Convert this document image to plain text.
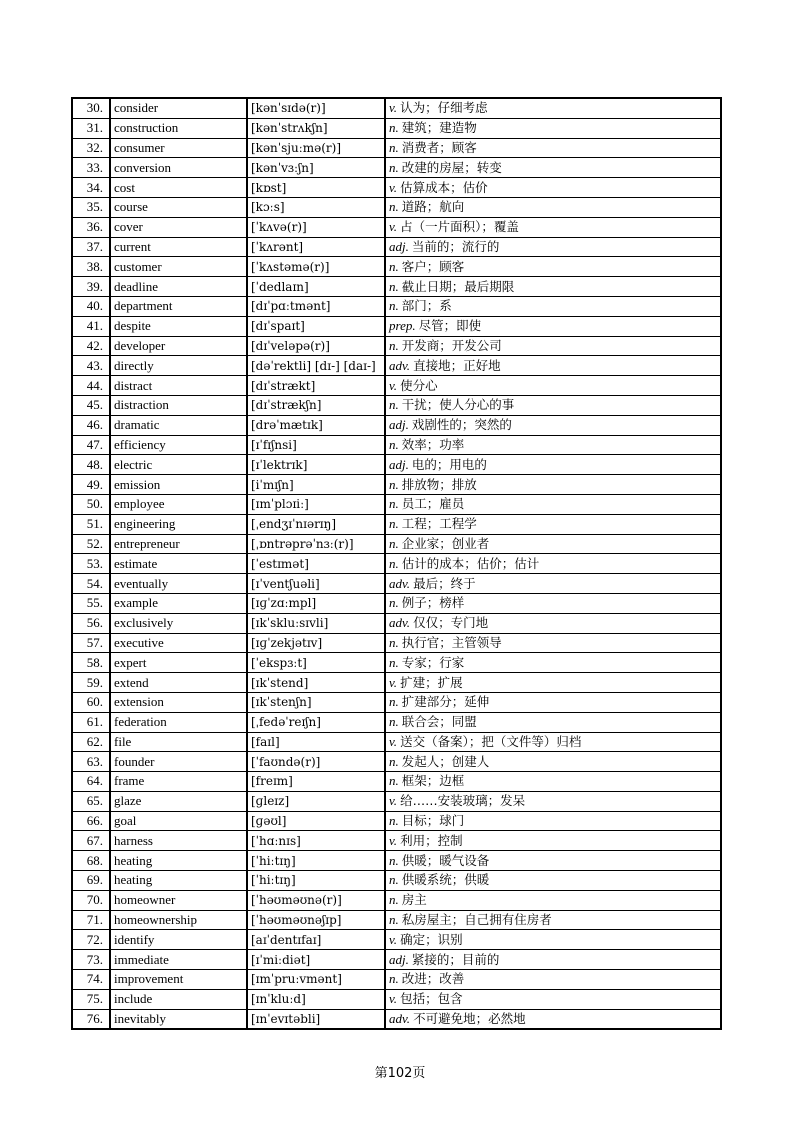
30.	consider	[kənˈsɪdə(r)]	v. 认为；仔细考虑
31.	construction	[kənˈstrʌkʃn]	n. 建筑；建造物
32.	consumer	[kənˈsjuːmə(r)]	n. 消费者；顾客
33.	conversion	[kənˈvɜːʃn]	n. 改建的房屋；转变
34.	cost	[kɒst]	v. 估算成本；估价
35.	course	[kɔːs]	n. 道路；航向
36.	cover	[ˈkʌvə(r)]	v. 占（一片面积）；覆盖
37.	current	[ˈkʌrənt]	adj. 当前的；流行的
38.	customer	[ˈkʌstəmə(r)]	n. 客户；顾客
39.	deadline	[ˈdedlaɪn]	n. 截止日期；最后期限
40.	department	[dɪˈpɑːtmənt]	n. 部门；系
41.	despite	[dɪˈspaɪt]	prep. 尽管；即使
42.	developer	[dɪˈveləpə(r)]	n. 开发商；开发公司
43.	directly	[dəˈrektli] [dɪ-] [daɪ-]	adv. 直接地；正好地
44.	distract	[dɪˈstrækt]	v. 使分心
45.	distraction	[dɪˈstrækʃn]	n. 干扰；使人分心的事
46.	dramatic	[drəˈmætɪk]	adj. 戏剧性的；突然的
47.	efficiency	[ɪˈfɪʃnsi]	n. 效率；功率
48.	electric	[ɪˈlektrɪk]	adj. 电的；用电的
49.	emission	[iˈmɪʃn]	n. 排放物；排放
50.	employee	[ɪmˈplɔɪiː]	n. 员工；雇员
51.	engineering	[ˌendʒɪˈnɪərɪŋ]	n. 工程；工程学
52.	entrepreneur	[ˌɒntrəprəˈnɜː(r)]	n. 企业家；创业者
53.	estimate	[ˈestɪmət]	n. 估计的成本；估价；估计
54.	eventually	[ɪˈventʃuəli]	adv. 最后；终于
55.	example	[ɪɡˈzɑːmpl]	n. 例子；榜样
56.	exclusively	[ɪkˈskluːsɪvli]	adv. 仅仅；专门地
57.	executive	[ɪɡˈzekjətɪv]	n. 执行官；主管领导
58.	expert	[ˈekspɜːt]	n. 专家；行家
59.	extend	[ɪkˈstend]	v. 扩建；扩展
60.	extension	[ɪkˈstenʃn]	n. 扩建部分；延伸
61.	federation	[ˌfedəˈreɪʃn]	n. 联合会；同盟
62.	file	[faɪl]	v. 送交（备案）；把（文件等）归档
63.	founder	[ˈfaʊndə(r)]	n. 发起人；创建人
64.	frame	[freɪm]	n. 框架；边框
65.	glaze	[ɡleɪz]	v. 给……安装玻璃；发呆
66.	goal	[ɡəʊl]	n. 目标；球门
67.	harness	[ˈhɑːnɪs]	v. 利用；控制
68.	heating	[ˈhiːtɪŋ]	n. 供暖；暖气设备
69.	heating	[ˈhiːtɪŋ]	n. 供暖系统；供暖
70.	homeowner	[ˈhəʊməʊnə(r)]	n. 房主
71.	homeownership	[ˈhəʊməʊnəʃɪp]	n. 私房屋主；自己拥有住房者
72.	identify	[aɪˈdentɪfaɪ]	v. 确定；识别
73.	immediate	[ɪˈmiːdiət]	adj. 紧接的；目前的
74.	improvement	[ɪmˈpruːvmənt]	n. 改进；改善
75.	include	[ɪnˈkluːd]	v. 包括；包含
76.	inevitably	[ɪnˈevɪtəbli]	adv. 不可避免地；必然地
第102页
